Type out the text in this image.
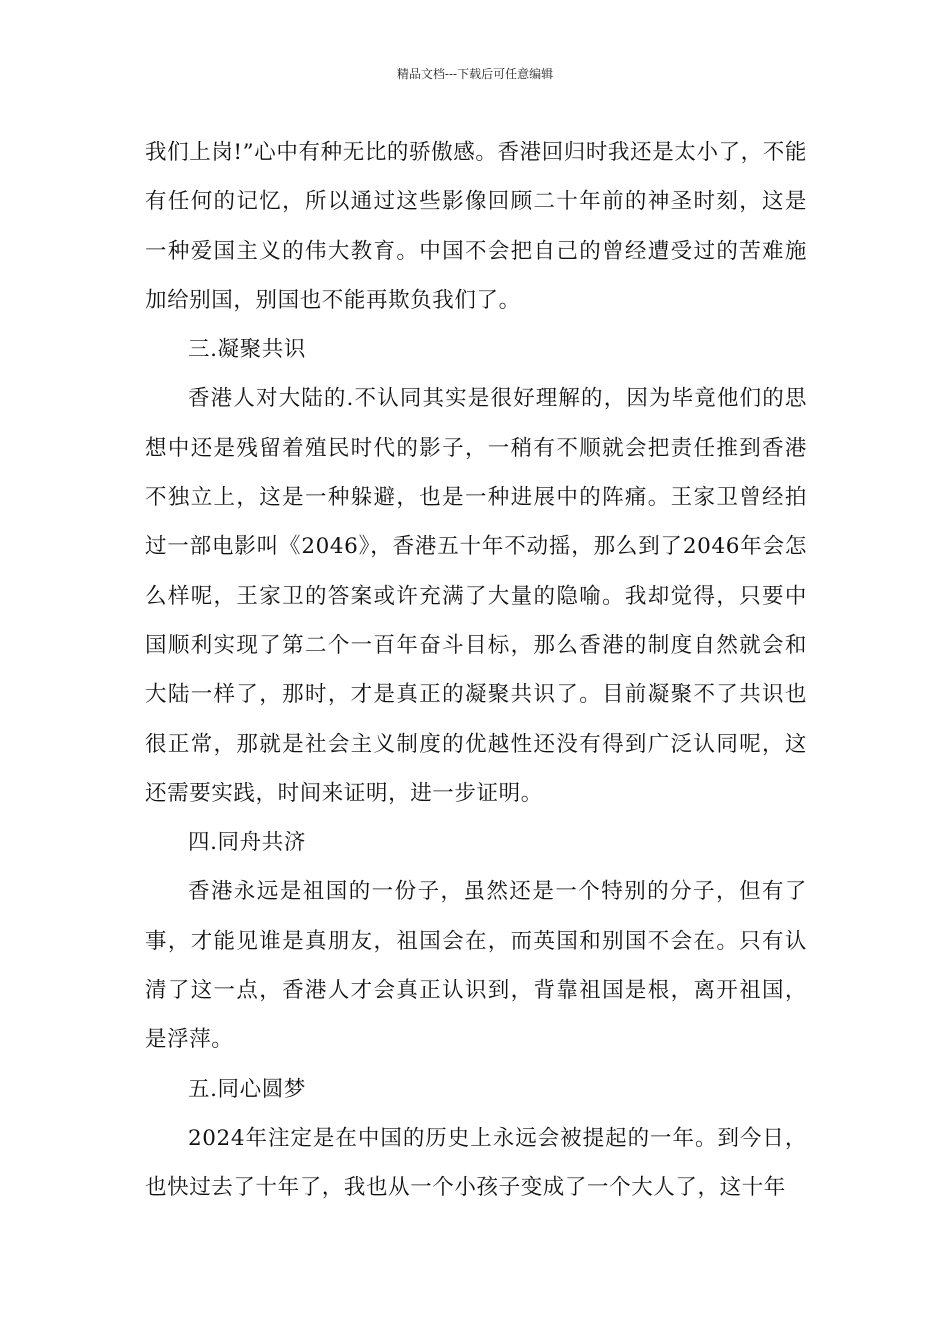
精品文档---下载后可任意编辑

我们上岗!”心中有种无比的骄傲感。香港回归时我还是太小了，不能有任何的记忆，所以通过这些影像回顾二十年前的神圣时刻，这是一种爱国主义的伟大教育。中国不会把自己的曾经遭受过的苦难施加给别国，别国也不能再欺负我们了。

三.凝聚共识

香港人对大陆的.不认同其实是很好理解的，因为毕竟他们的思想中还是残留着殖民时代的影子，一稍有不顺就会把责任推到香港不独立上，这是一种躲避，也是一种进展中的阵痛。王家卫曾经拍过一部电影叫《2046》，香港五十年不动摇，那么到了2046年会怎么样呢，王家卫的答案或许充满了大量的隐喻。我却觉得，只要中国顺利实现了第二个一百年奋斗目标，那么香港的制度自然就会和大陆一样了，那时，才是真正的凝聚共识了。目前凝聚不了共识也很正常，那就是社会主义制度的优越性还没有得到广泛认同呢，这还需要实践，时间来证明，进一步证明。

四.同舟共济

香港永远是祖国的一份子，虽然还是一个特别的分子，但有了事，才能见谁是真朋友，祖国会在，而英国和别国不会在。只有认清了这一点，香港人才会真正认识到，背靠祖国是根，离开祖国，是浮萍。

五.同心圆梦

2024年注定是在中国的历史上永远会被提起的一年。到今日，也快过去了十年了，我也从一个小孩子变成了一个大人了，这十年
